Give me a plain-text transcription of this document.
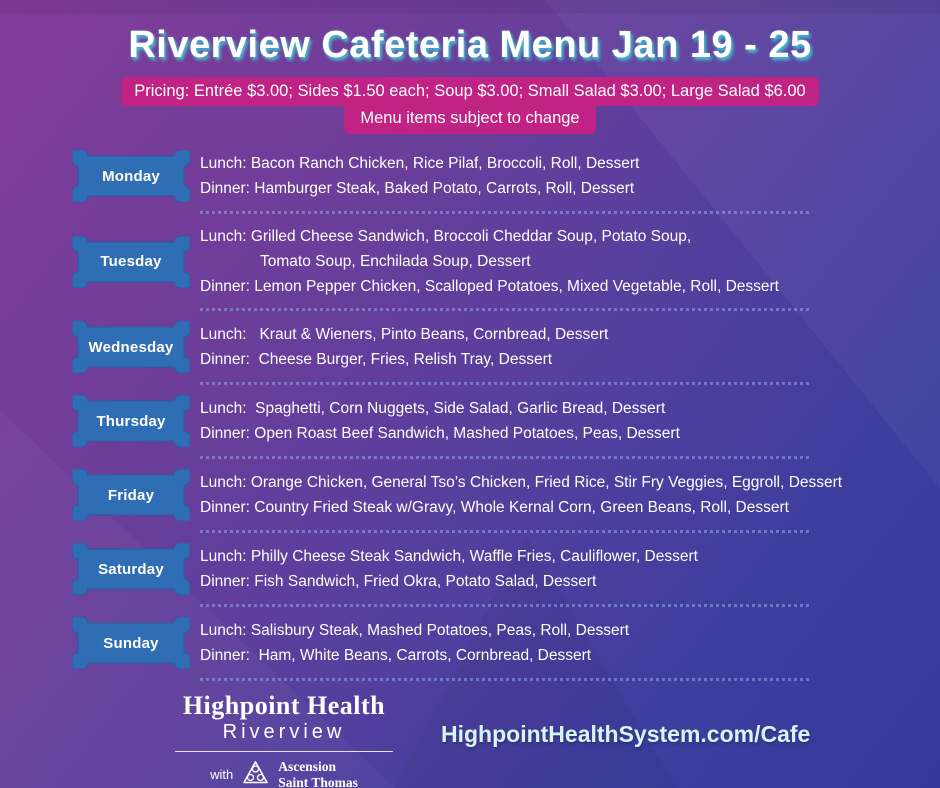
Riverview Cafeteria Menu Jan 19 - 25
Pricing: Entrée $3.00; Sides $1.50 each; Soup $3.00; Small Salad $3.00; Large Salad $6.00
Menu items subject to change
Monday
Lunch: Bacon Ranch Chicken, Rice Pilaf, Broccoli, Roll, Dessert
Dinner: Hamburger Steak, Baked Potato, Carrots, Roll, Dessert
Tuesday
Lunch: Grilled Cheese Sandwich, Broccoli Cheddar Soup, Potato Soup,
Tomato Soup, Enchilada Soup, Dessert
Dinner: Lemon Pepper Chicken, Scalloped Potatoes, Mixed Vegetable, Roll, Dessert
Wednesday
Lunch:   Kraut & Wieners, Pinto Beans, Cornbread, Dessert
Dinner:  Cheese Burger, Fries, Relish Tray, Dessert
Thursday
Lunch:  Spaghetti, Corn Nuggets, Side Salad, Garlic Bread, Dessert
Dinner: Open Roast Beef Sandwich, Mashed Potatoes, Peas, Dessert
Friday
Lunch: Orange Chicken, General Tso’s Chicken, Fried Rice, Stir Fry Veggies, Eggroll, Dessert
Dinner: Country Fried Steak w/Gravy, Whole Kernal Corn, Green Beans, Roll, Dessert
Saturday
Lunch: Philly Cheese Steak Sandwich, Waffle Fries, Cauliflower, Dessert
Dinner: Fish Sandwich, Fried Okra, Potato Salad, Dessert
Sunday
Lunch: Salisbury Steak, Mashed Potatoes, Peas, Roll, Dessert
Dinner:  Ham, White Beans, Carrots, Cornbread, Dessert
Highpoint Health
Riverview
with
Ascension
Saint Thomas
HighpointHealthSystem.com/Cafe
